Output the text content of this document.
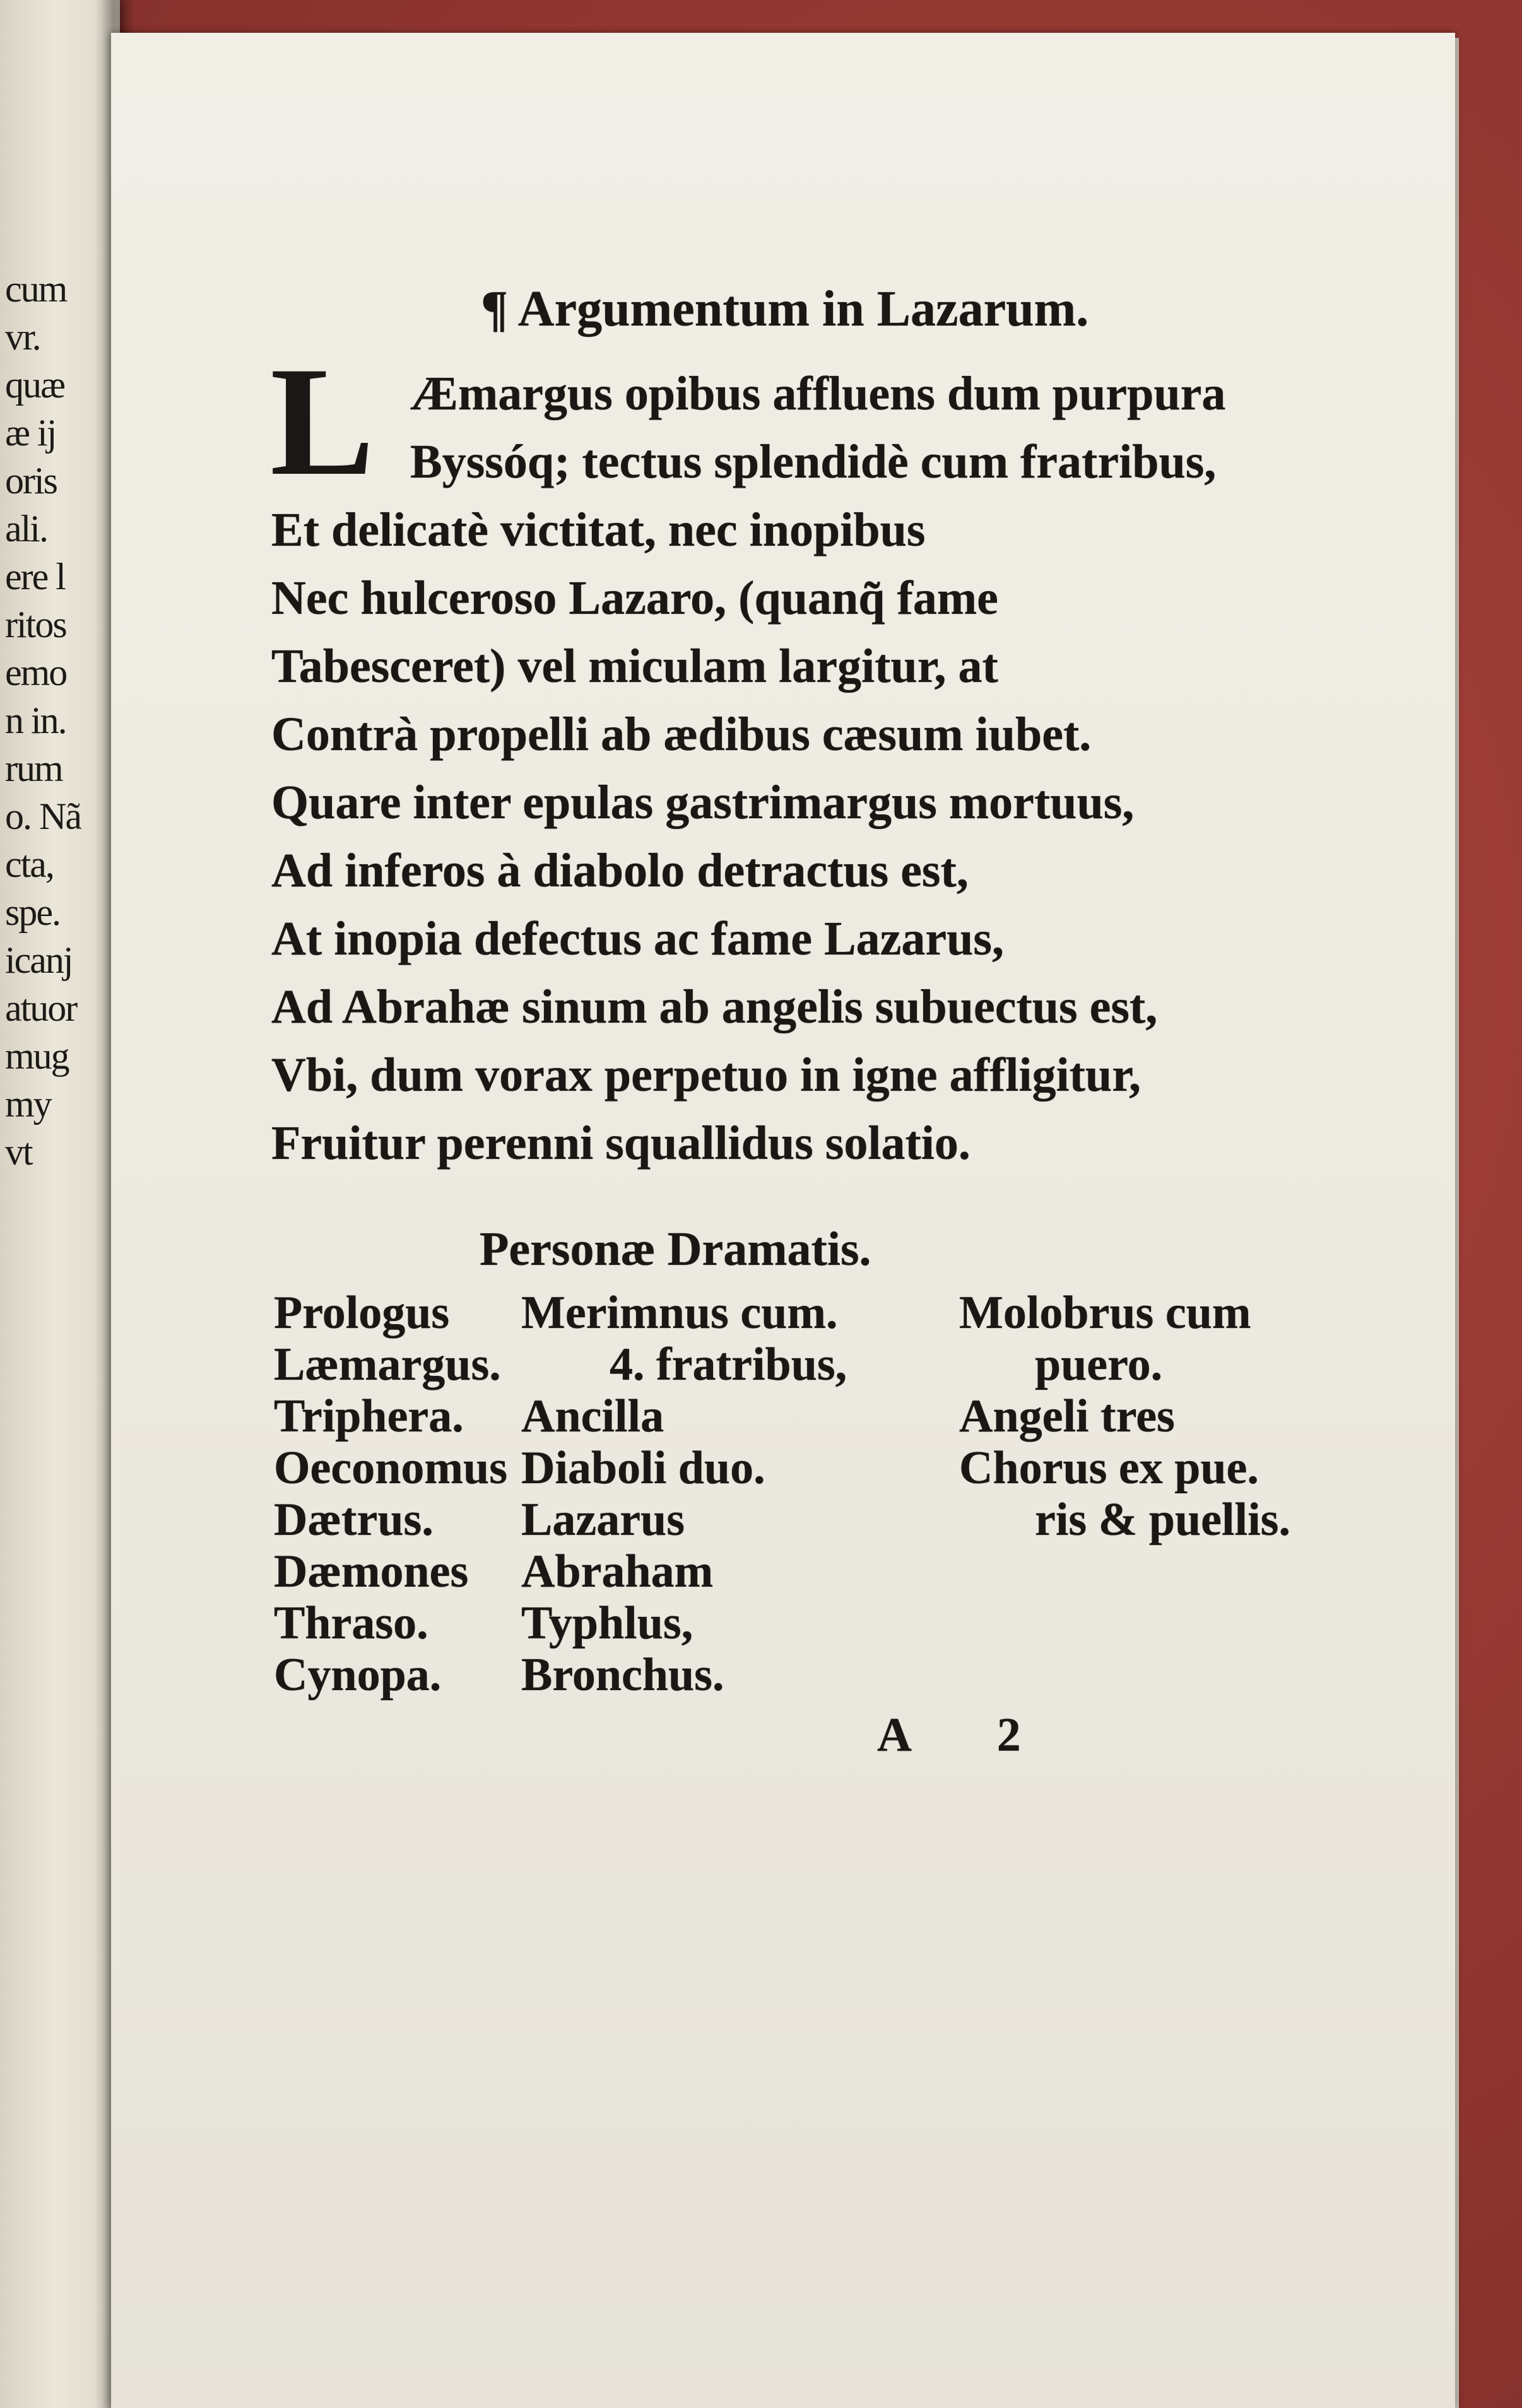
cum
vr.
quæ
æ ij
oris
ali.
ere l
ritos
emo
n in.
rum
o. Nã
cta,
spe.
icanj
atuor
mug
my
vt
¶ Argumentum in Lazarum.
L Æmargus opibus affluens dum purpura
Byssóq; tectus splendidè cum fratribus,
Et delicatè victitat, nec inopibus
Nec hulceroso Lazaro, (quanq̃ fame
Tabesceret) vel miculam largitur, at
Contrà propelli ab ædibus cæsum iubet.
Quare inter epulas gastrimargus mortuus,
Ad inferos à diabolo detractus est,
At inopia defectus ac fame Lazarus,
Ad Abrahæ sinum ab angelis subuectus est,
Vbi, dum vorax perpetuo in igne affligitur,
Fruitur perenni squallidus solatio.
Personæ Dramatis.
Prologus
Læmargus.
Triphera.
Oeconomus
Dætrus.
Dæmones
Thraso.
Cynopa.
Merimnus cum.
4. fratribus,
Ancilla
Diaboli duo.
Lazarus
Abraham
Typhlus,
Bronchus.
Molobrus cum
puero.
Angeli tres
Chorus ex pue.
ris & puellis.

A 2
